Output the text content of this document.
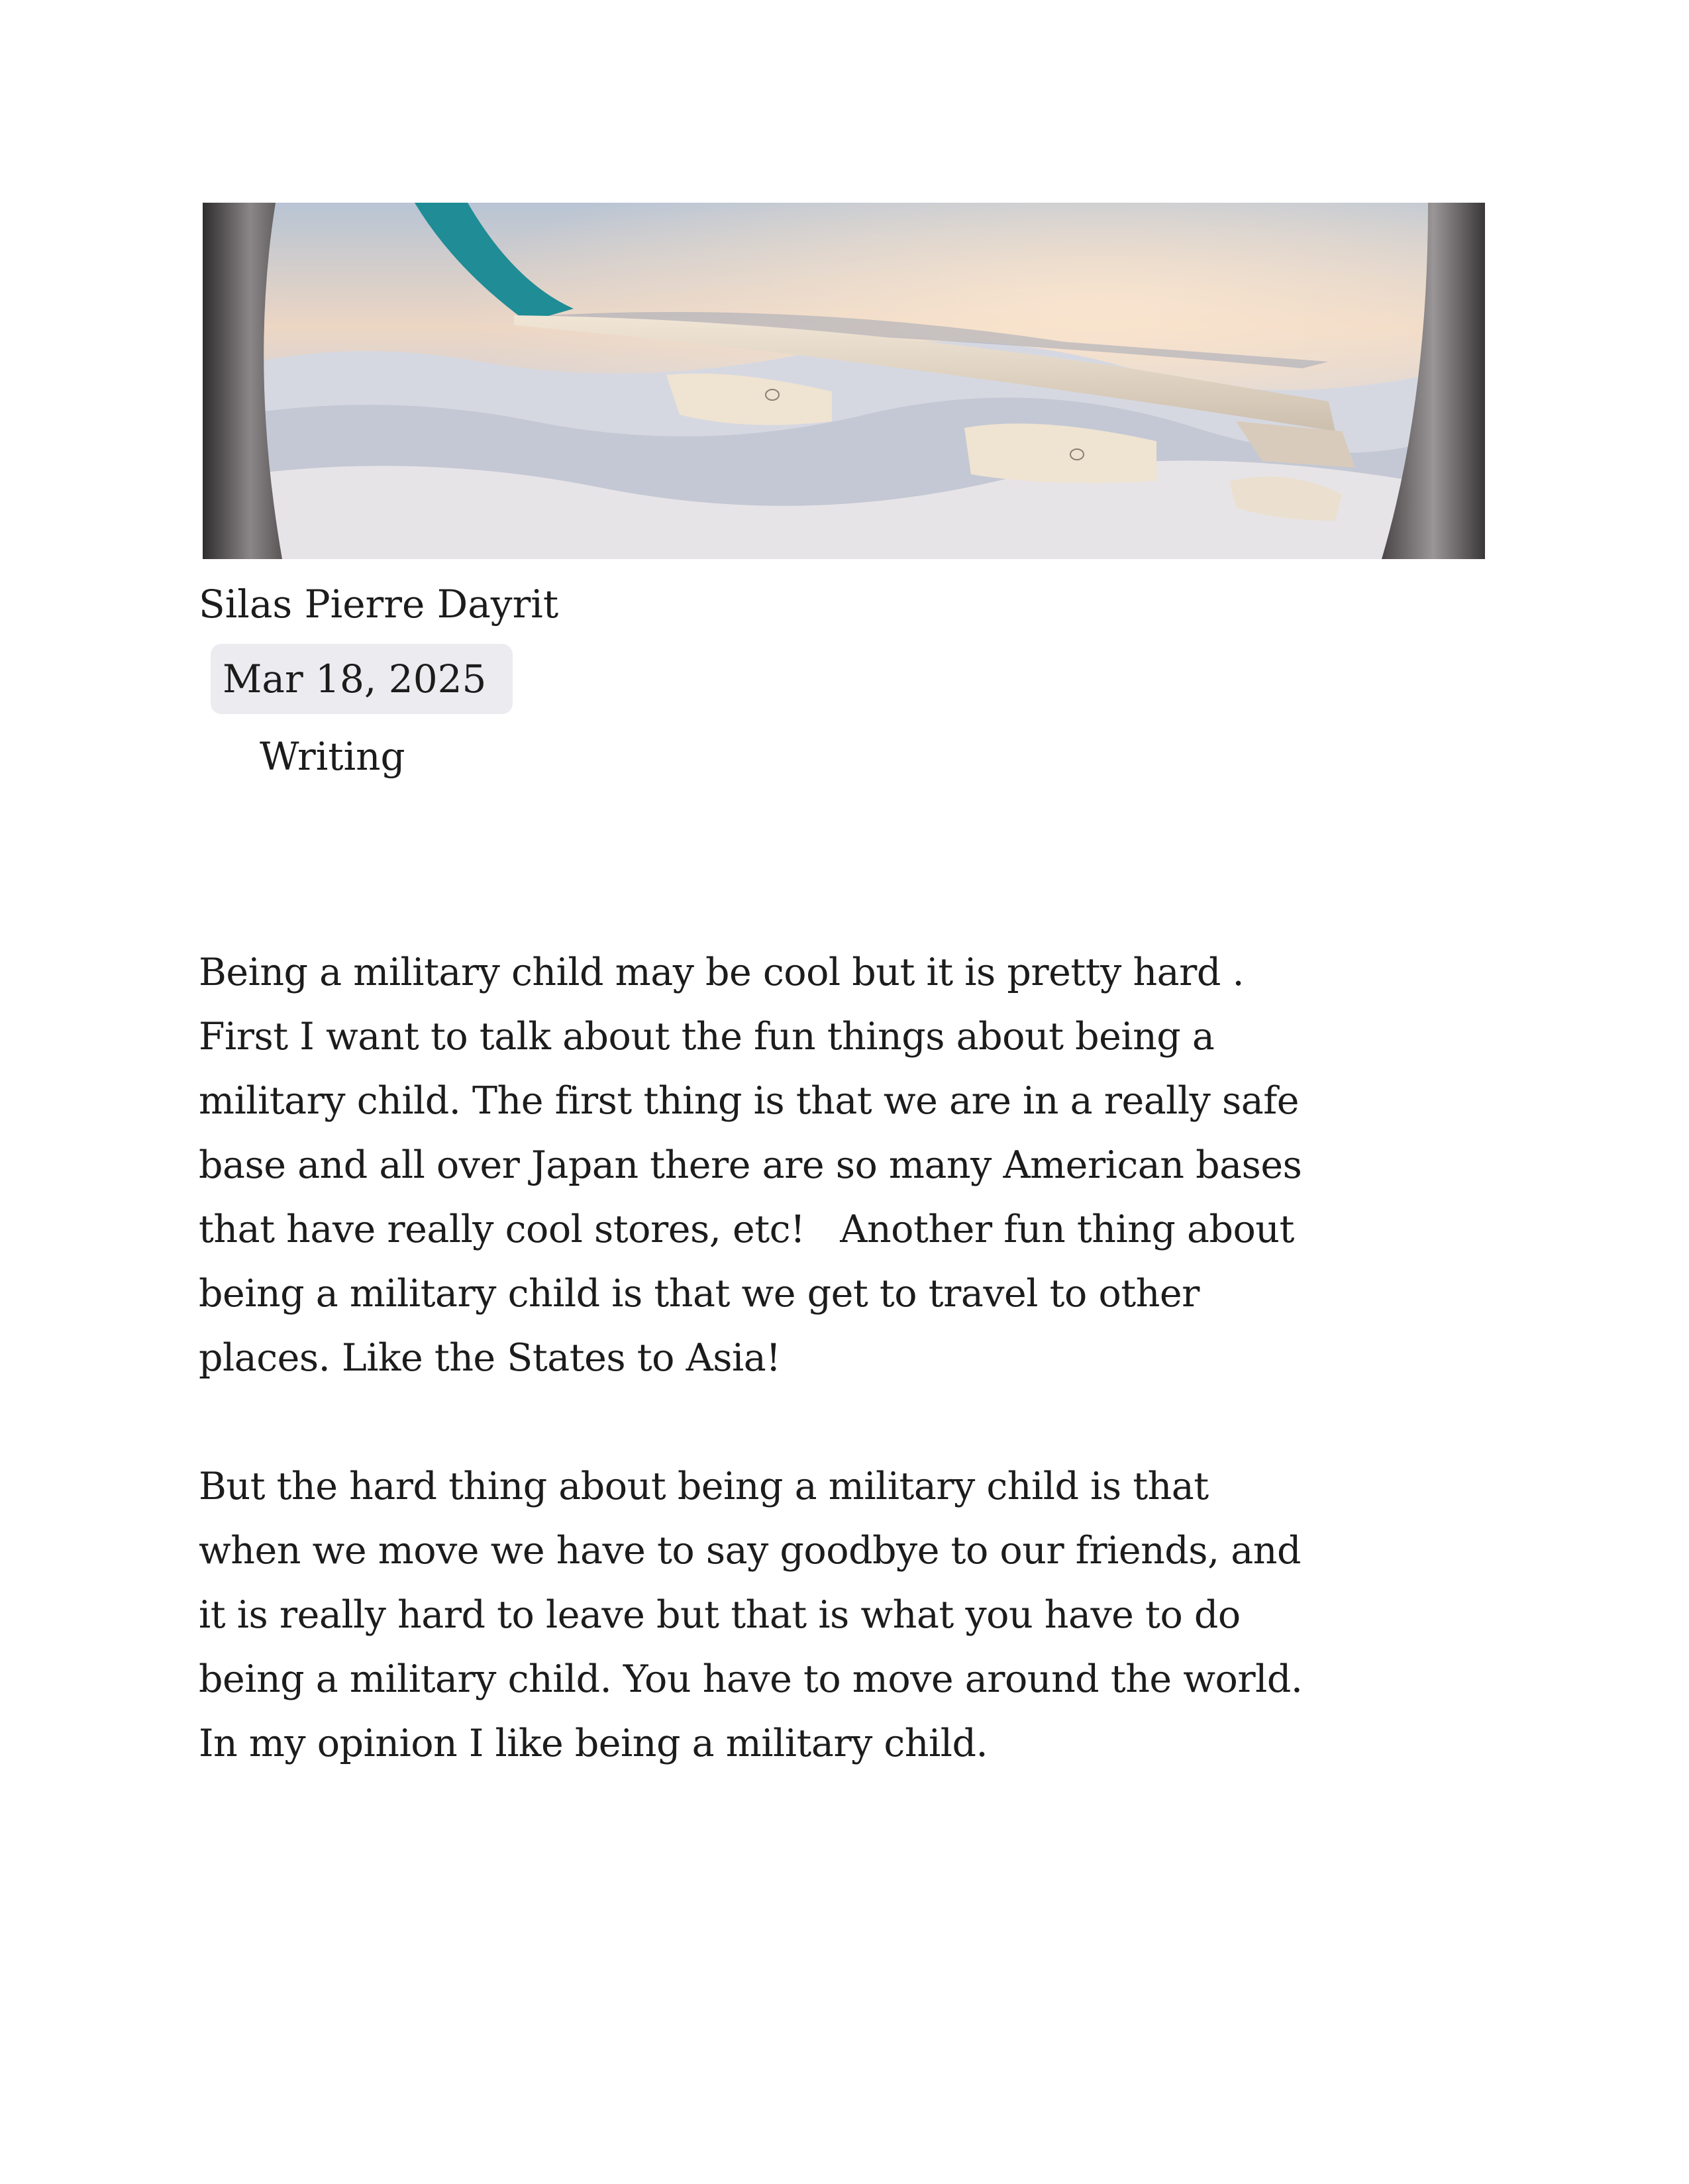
Silas Pierre Dayrit
Mar 18, 2025
Writing

Being a military child may be cool but it is pretty hard .
First I want to talk about the fun things about being a
military child. The first thing is that we are in a really safe
base and all over Japan there are so many American bases
that have really cool stores, etc!   Another fun thing about
being a military child is that we get to travel to other
places. Like the States to Asia!

But the hard thing about being a military child is that
when we move we have to say goodbye to our friends, and
it is really hard to leave but that is what you have to do
being a military child. You have to move around the world.
In my opinion I like being a military child.
